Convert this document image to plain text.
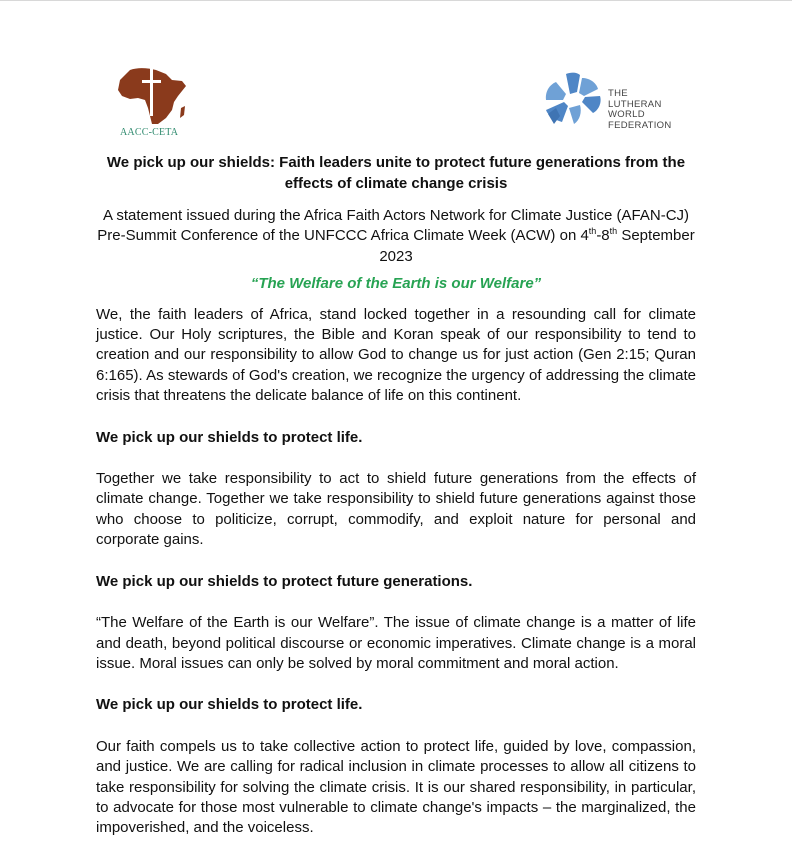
AACC-CETA
THE
LUTHERAN
WORLD
FEDERATION
We pick up our shields: Faith leaders unite to protect future generations from the effects of climate change crisis
A statement issued during the Africa Faith Actors Network for Climate Justice (AFAN-CJ) Pre-Summit Conference of the UNFCCC Africa Climate Week (ACW) on 4th-8th September 2023
“The Welfare of the Earth is our Welfare”
We, the faith leaders of Africa, stand locked together in a resounding call for climate justice. Our Holy scriptures, the Bible and Koran speak of our responsibility to tend to creation and our responsibility to allow God to change us for just action (Gen 2:15; Quran 6:165). As stewards of God's creation, we recognize the urgency of addressing the climate crisis that threatens the delicate balance of life on this continent.
We pick up our shields to protect life.
Together we take responsibility to act to shield future generations from the effects of climate change. Together we take responsibility to shield future generations against those who choose to politicize, corrupt, commodify, and exploit nature for personal and corporate gains.
We pick up our shields to protect future generations.
“The Welfare of the Earth is our Welfare”. The issue of climate change is a matter of life and death, beyond political discourse or economic imperatives. Climate change is a moral issue. Moral issues can only be solved by moral commitment and moral action.
We pick up our shields to protect life.
Our faith compels us to take collective action to protect life, guided by love, compassion, and justice. We are calling for radical inclusion in climate processes to allow all citizens to take responsibility for solving the climate crisis. It is our shared responsibility, in particular, to advocate for those most vulnerable to climate change's impacts – the marginalized, the impoverished, and the voiceless.
